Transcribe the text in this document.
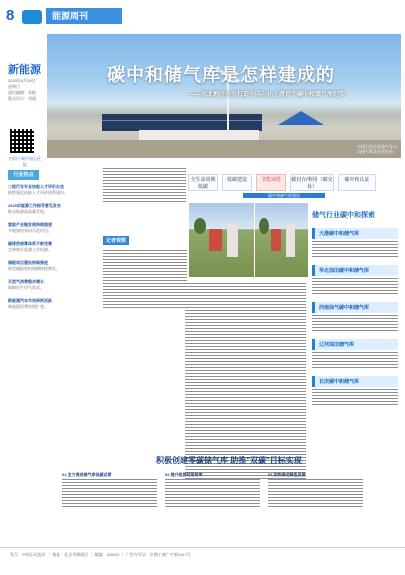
8	能源周刊
新能源
2024年4月28日
星期日
责任编辑：张帆
版式设计：刘丽
碳中和储气库是怎样建成的
——东北地区全力打造中国石化上游首个碳中和储气库纪实
中国石化东北油气分公司储气库及光伏电站
扫码下载中国石化报
全生命周期低碳
低碳建设	节能减排	碳封存/利用（碳交易）
碳中和认证
碳中和储气库建设
行业热点
二级行业专业技能人才评价办法
持续强化技能人才评价体系建设。
2025年能源工作指导意见发布
推动能源高质量发展。
氢能产业链发展持续提速
多地加快布局示范项目。
碳排放核算体系不断完善
完善统计监测工作机制。
储能项目建设持续推进
新型储能装机规模持续增长。
天然气消费稳步增长
保障民生用气需求。
新能源汽车市场保持活跃
新能源消费持续扩容。
记者观察
储气行业碳中和探索
大港碳中和储气库
华北油田碳中和储气库
西南油气碳中和储气库
辽河油田储气库
长庆碳中和储气库
积极创建零碳储气库 助推"双碳"目标实现
01 全力推进储气库低碳运营	02 提升能源利用效率	03 加快推动绿色发展
发行：中国石化报社 ｜ 地址：北京市朝阳区 ｜ 邮编：100011 ｜ 广告许可证：京朝工商广字第0127号
